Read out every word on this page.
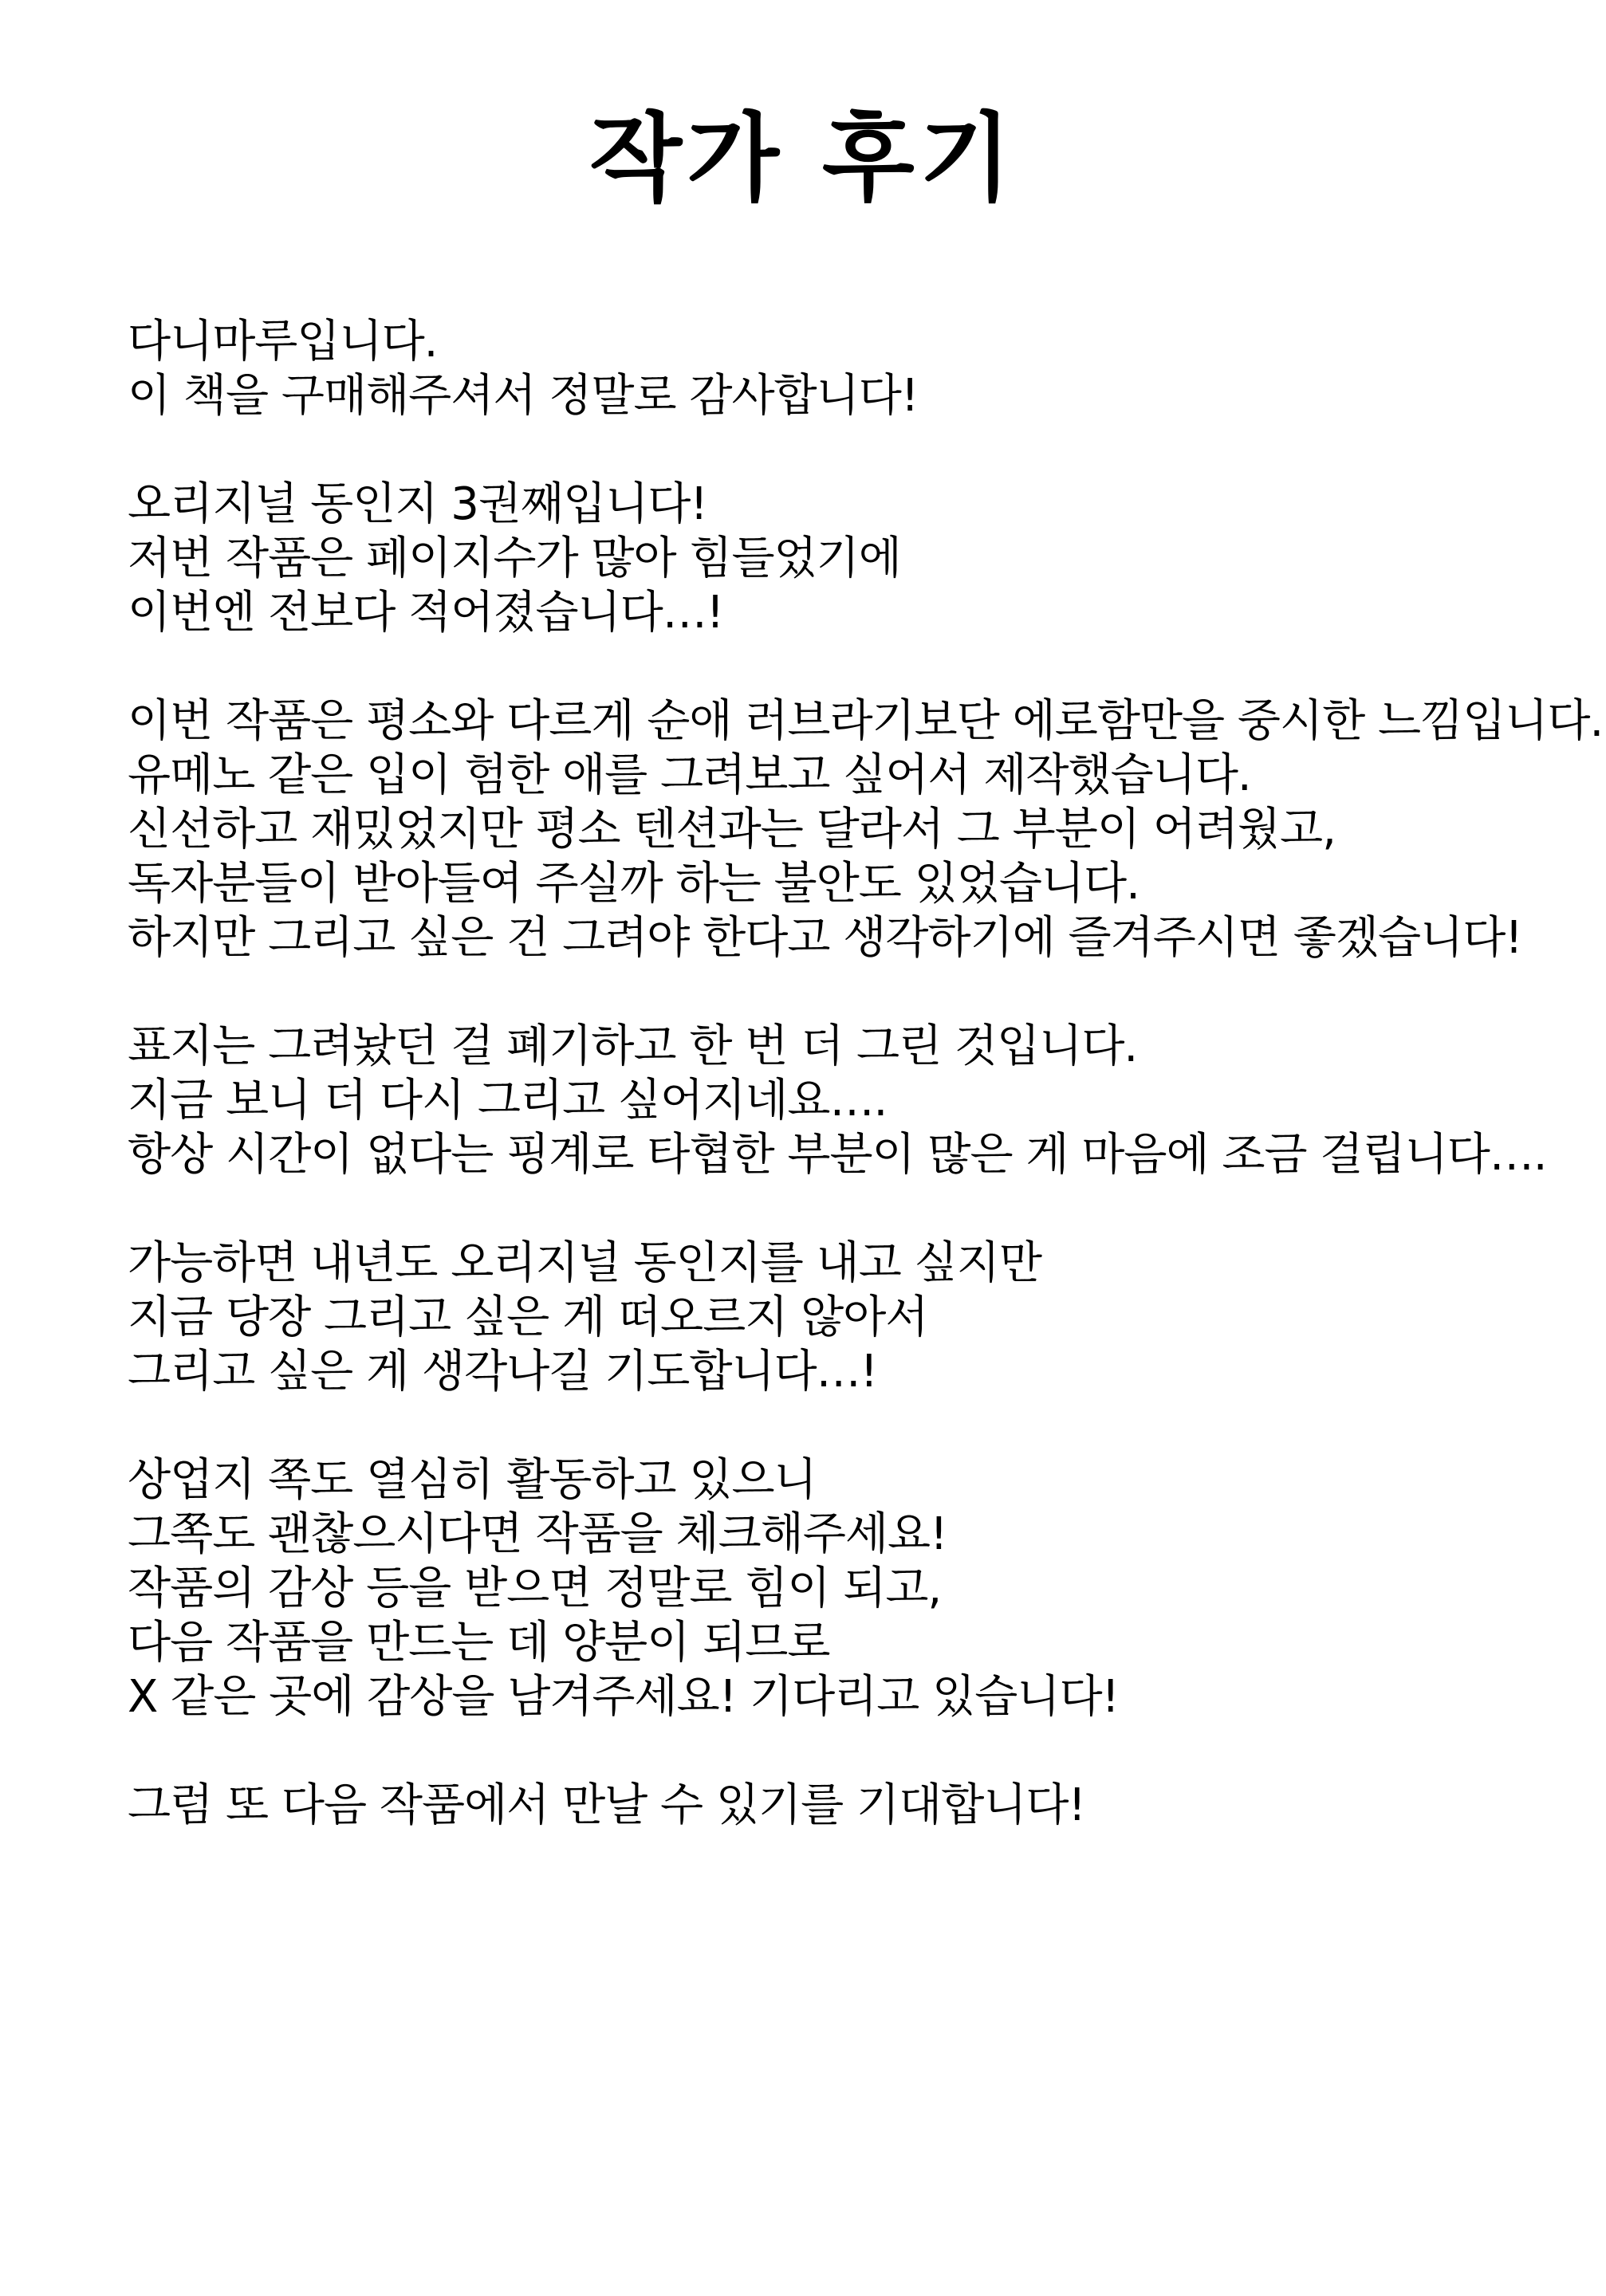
작가 후기
다니마루입니다.
이 책을 구매해주셔서 정말로 감사합니다!
오리지널 동인지 3권째입니다!
저번 작품은 페이지수가 많아 힘들었기에
이번엔 전보다 적어졌습니다…!
이번 작품은 평소와 다르게 순애 러브라기보단 에로함만을 중시한 느낌입니다.
유메노 같은 입이 험한 애를 그려보고 싶어서 제작했습니다.
신선하고 재밌었지만 평소 텐션과는 달라서 그 부분이 어려웠고,
독자분들이 받아들여 주실까 하는 불안도 있었습니다.
하지만 그리고 싶은 건 그려야 한다고 생각하기에 즐겨주시면 좋겠습니다!
표지는 그려놨던 걸 폐기하고 한 번 더 그린 것입니다.
지금 보니 더 다시 그리고 싶어지네요….
항상 시간이 없다는 핑계로 타협한 부분이 많은 게 마음에 조금 걸립니다….
가능하면 내년도 오리지널 동인지를 내고 싶지만
지금 당장 그리고 싶은 게 떠오르지 않아서
그리고 싶은 게 생각나길 기도합니다…!
상업지 쪽도 열심히 활동하고 있으니
그쪽도 괜찮으시다면 작품을 체크해주세요!
작품의 감상 등을 받으면 정말로 힘이 되고,
다음 작품을 만드는 데 양분이 되므로
X 같은 곳에 감상을 남겨주세요! 기다리고 있습니다!
그럼 또 다음 작품에서 만날 수 있기를 기대합니다!
